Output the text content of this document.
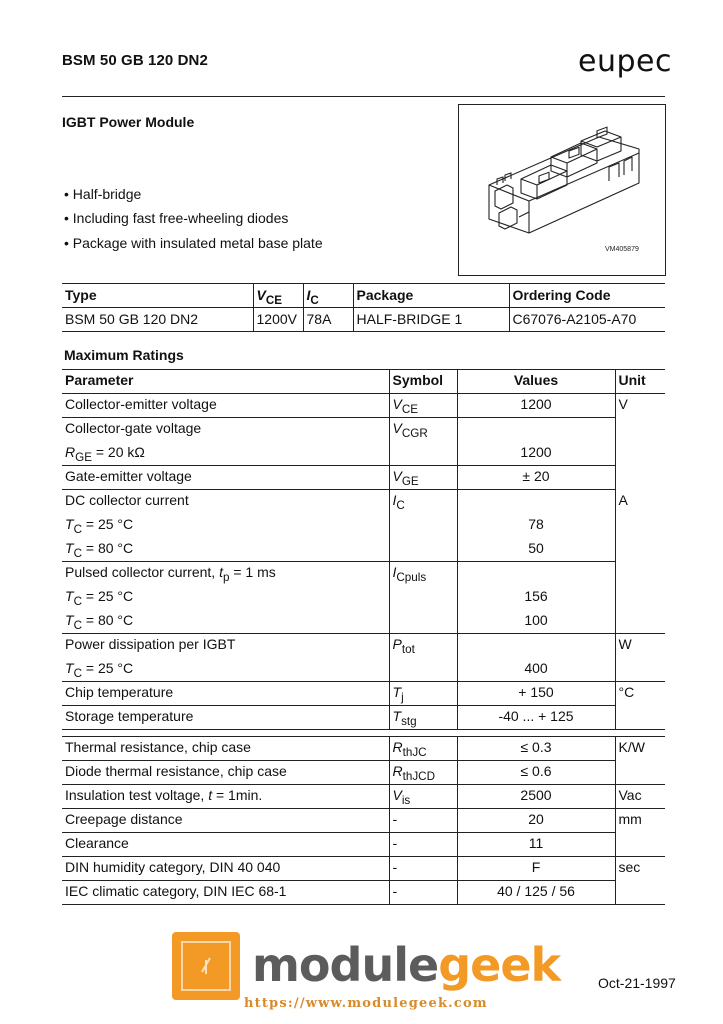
BSM 50 GB 120 DN2	eupec
IGBT Power Module
• Half-bridge
• Including fast free-wheeling diodes
• Package with insulated metal base plate	VM405879
Type	$V_{CE}$	$I_C$	Package	Ordering Code
BSM 50 GB 120 DN2	1200V	78A	HALF-BRIDGE 1	C67076-A2105-A70
Maximum Ratings
Parameter	Symbol	Values	Unit
Collector-emitter voltage	$V_{CE}$	1200	V
Collector-gate voltage	$V_{CGR}$		
$R_{GE} = 20$ kΩ		1200	
Gate-emitter voltage	$V_{GE}$	± 20	
DC collector current	$I_C$		A
$T_C = 25$ °C		78	
$T_C = 80$ °C		50	
Pulsed collector current, $t_p = 1$ ms	$I_{Cpuls}$		
$T_C = 25$ °C		156	
$T_C = 80$ °C		100	
Power dissipation per IGBT	$P_{tot}$		W
$T_C = 25$ °C		400	
Chip temperature	$T_j$	+ 150	°C
Storage temperature	$T_{stg}$	-40 ... + 125	

Thermal resistance, chip case	$R_{thJC}$	≤ 0.3	K/W
Diode thermal resistance, chip case	$R_{thJCD}$	≤ 0.6	
Insulation test voltage, t = 1min.	$V_{is}$	2500	Vac
Creepage distance	-	20	mm
Clearance	-	11	
DIN humidity category, DIN 40 040	-	F	sec
IEC climatic category, DIN IEC 68-1	-	40 / 125 / 56	
modulegeek
https://www.modulegeek.com
Oct-21-1997
